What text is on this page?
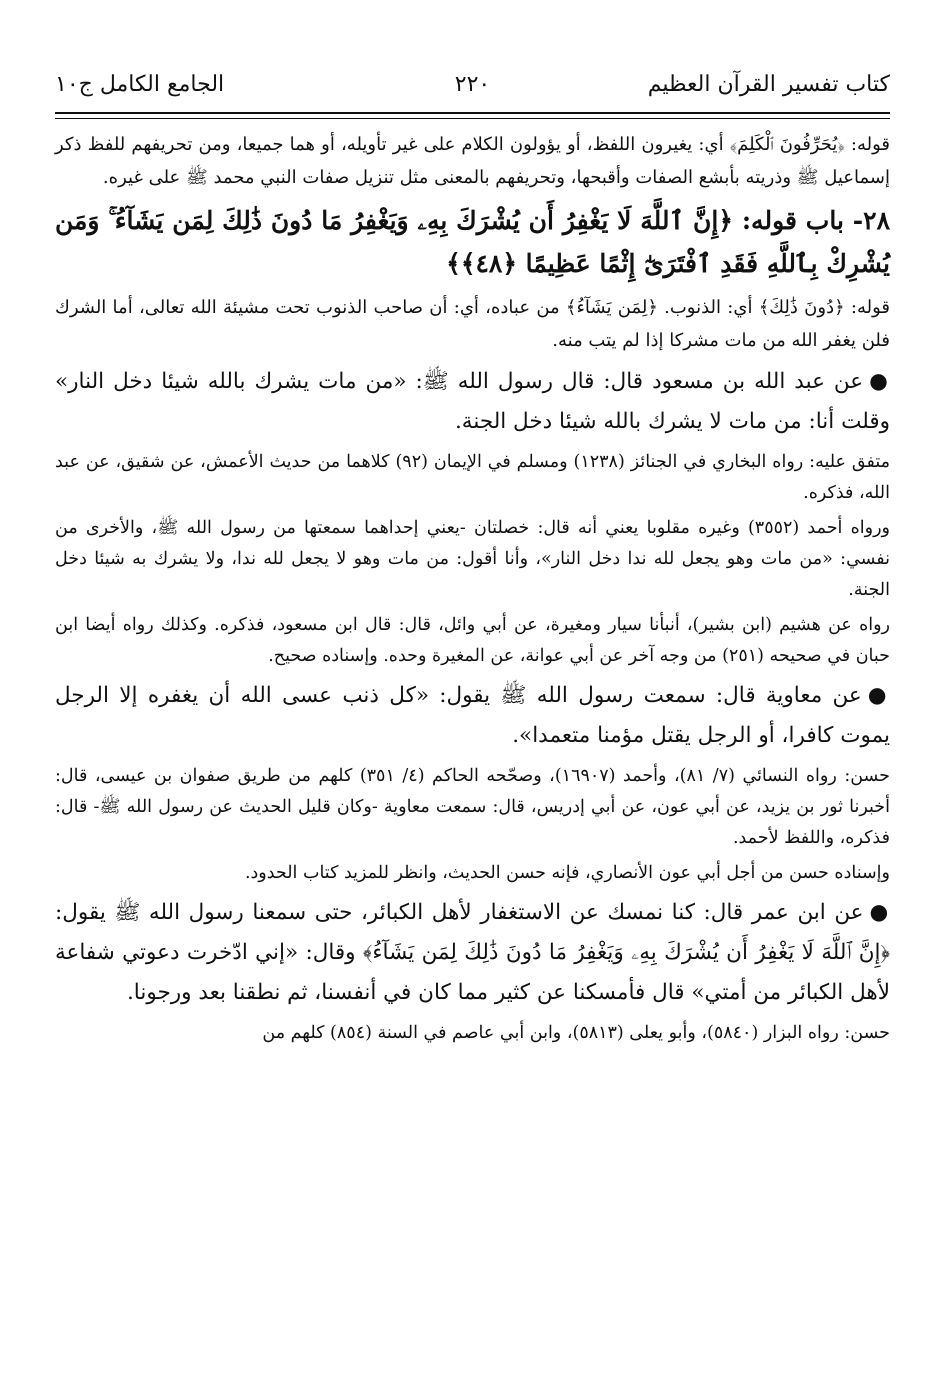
كتاب تفسير القرآن العظيم
٢٢٠
الجامع الكامل ج١٠

قوله: ﴿يُحَرِّفُونَ ٱلْكَلِمَ﴾ أي: يغيرون اللفظ، أو يؤولون الكلام على غير تأويله، أو هما جميعا، ومن تحريفهم للفظ ذكر إسماعيل ﷺ وذريته بأبشع الصفات وأقبحها، وتحريفهم بالمعنى مثل تنزيل صفات النبي محمد ﷺ على غيره.

٢٨- باب قوله: ﴿إِنَّ ٱللَّهَ لَا يَغْفِرُ أَن يُشْرَكَ بِهِۦ وَيَغْفِرُ مَا دُونَ ذَٰلِكَ لِمَن يَشَآءُ ۚ وَمَن يُشْرِكْ بِٱللَّهِ فَقَدِ ٱفْتَرَىٰٓ إِثْمًا عَظِيمًا ﴿٤٨﴾﴾

قوله: ﴿دُونَ ذَٰلِكَ﴾ أي: الذنوب. ﴿لِمَن يَشَآءُ﴾ من عباده، أي: أن صاحب الذنوب تحت مشيئة الله تعالى، أما الشرك فلن يغفر الله من مات مشركا إذا لم يتب منه.

●عن عبد الله بن مسعود قال: قال رسول الله ﷺ: «من مات يشرك بالله شيئا دخل النار» وقلت أنا: من مات لا يشرك بالله شيئا دخل الجنة.

متفق عليه: رواه البخاري في الجنائز (١٢٣٨) ومسلم في الإيمان (٩٢) كلاهما من حديث الأعمش، عن شقيق، عن عبد الله، فذكره.

ورواه أحمد (٣٥٥٢) وغيره مقلوبا يعني أنه قال: خصلتان -يعني إحداهما سمعتها من رسول الله ﷺ، والأخرى من نفسي: «من مات وهو يجعل لله ندا دخل النار»، وأنا أقول: من مات وهو لا يجعل لله ندا، ولا يشرك به شيئا دخل الجنة.

رواه عن هشيم (ابن بشير)، أنبأنا سيار ومغيرة، عن أبي وائل، قال: قال ابن مسعود، فذكره. وكذلك رواه أيضا ابن حبان في صحيحه (٢٥١) من وجه آخر عن أبي عوانة، عن المغيرة وحده. وإسناده صحيح.

●عن معاوية قال: سمعت رسول الله ﷺ يقول: «كل ذنب عسى الله أن يغفره إلا الرجل يموت كافرا، أو الرجل يقتل مؤمنا متعمدا».

حسن: رواه النسائي (٧/ ٨١)، وأحمد (١٦٩٠٧)، وصحّحه الحاكم (٤/ ٣٥١) كلهم من طريق صفوان بن عيسى، قال: أخبرنا ثور بن يزيد، عن أبي عون، عن أبي إدريس، قال: سمعت معاوية -وكان قليل الحديث عن رسول الله ﷺ- قال: فذكره، واللفظ لأحمد.

وإسناده حسن من أجل أبي عون الأنصاري، فإنه حسن الحديث، وانظر للمزيد كتاب الحدود.

●عن ابن عمر قال: كنا نمسك عن الاستغفار لأهل الكبائر، حتى سمعنا رسول الله ﷺ يقول: ﴿إِنَّ ٱللَّهَ لَا يَغْفِرُ أَن يُشْرَكَ بِهِۦ وَيَغْفِرُ مَا دُونَ ذَٰلِكَ لِمَن يَشَآءُ﴾ وقال: «إني ادّخرت دعوتي شفاعة لأهل الكبائر من أمتي» قال فأمسكنا عن كثير مما كان في أنفسنا، ثم نطقنا بعد ورجونا.

حسن: رواه البزار (٥٨٤٠)، وأبو يعلى (٥٨١٣)، وابن أبي عاصم في السنة (٨٥٤) كلهم من
